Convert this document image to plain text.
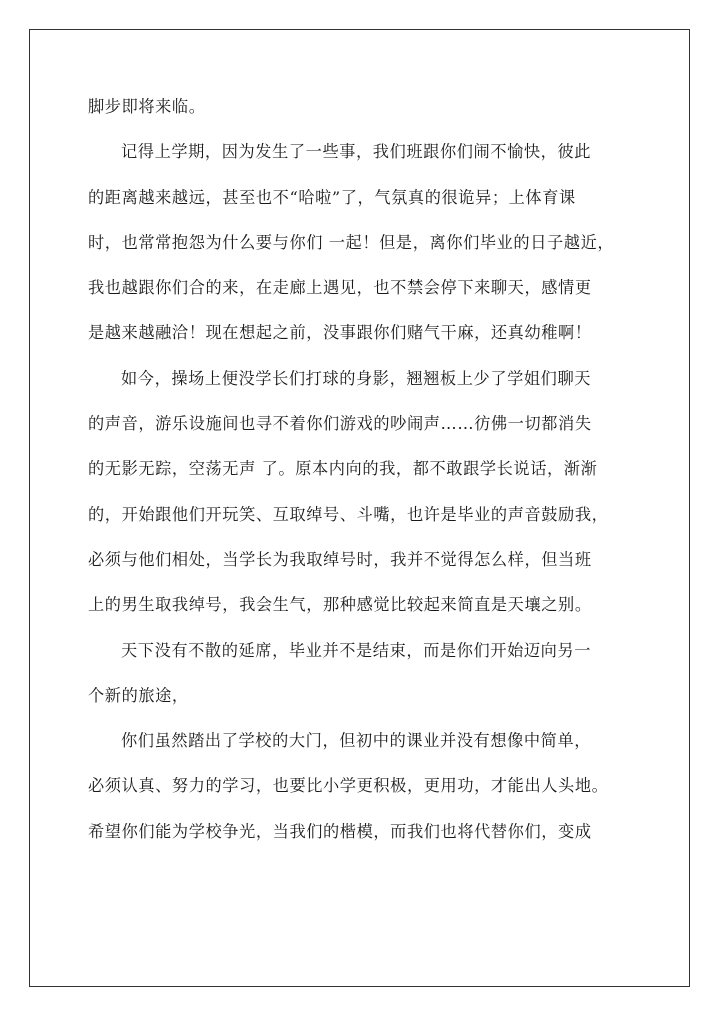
脚步即将来临。
记得上学期，因为发生了一些事，我们班跟你们闹不愉快，彼此
的距离越来越远，甚至也不“哈啦”了，气氛真的很诡异；上体育课
时，也常常抱怨为什么要与你们 一起！但是，离你们毕业的日子越近，
我也越跟你们合的来，在走廊上遇见，也不禁会停下来聊天，感情更
是越来越融洽！现在想起之前，没事跟你们赌气干麻，还真幼稚啊！
如今，操场上便没学长们打球的身影，翘翘板上少了学姐们聊天
的声音，游乐设施间也寻不着你们游戏的吵闹声……彷佛一切都消失
的无影无踪，空荡无声 了。原本内向的我，都不敢跟学长说话，渐渐
的，开始跟他们开玩笑、互取绰号、斗嘴，也许是毕业的声音鼓励我，
必须与他们相处，当学长为我取绰号时，我并不觉得怎么样，但当班
上的男生取我绰号，我会生气，那种感觉比较起来简直是天壤之别。
天下没有不散的延席，毕业并不是结束，而是你们开始迈向另一
个新的旅途，
你们虽然踏出了学校的大门，但初中的课业并没有想像中简单，
必须认真、努力的学习，也要比小学更积极，更用功，才能出人头地。
希望你们能为学校争光，当我们的楷模，而我们也将代替你们，变成
